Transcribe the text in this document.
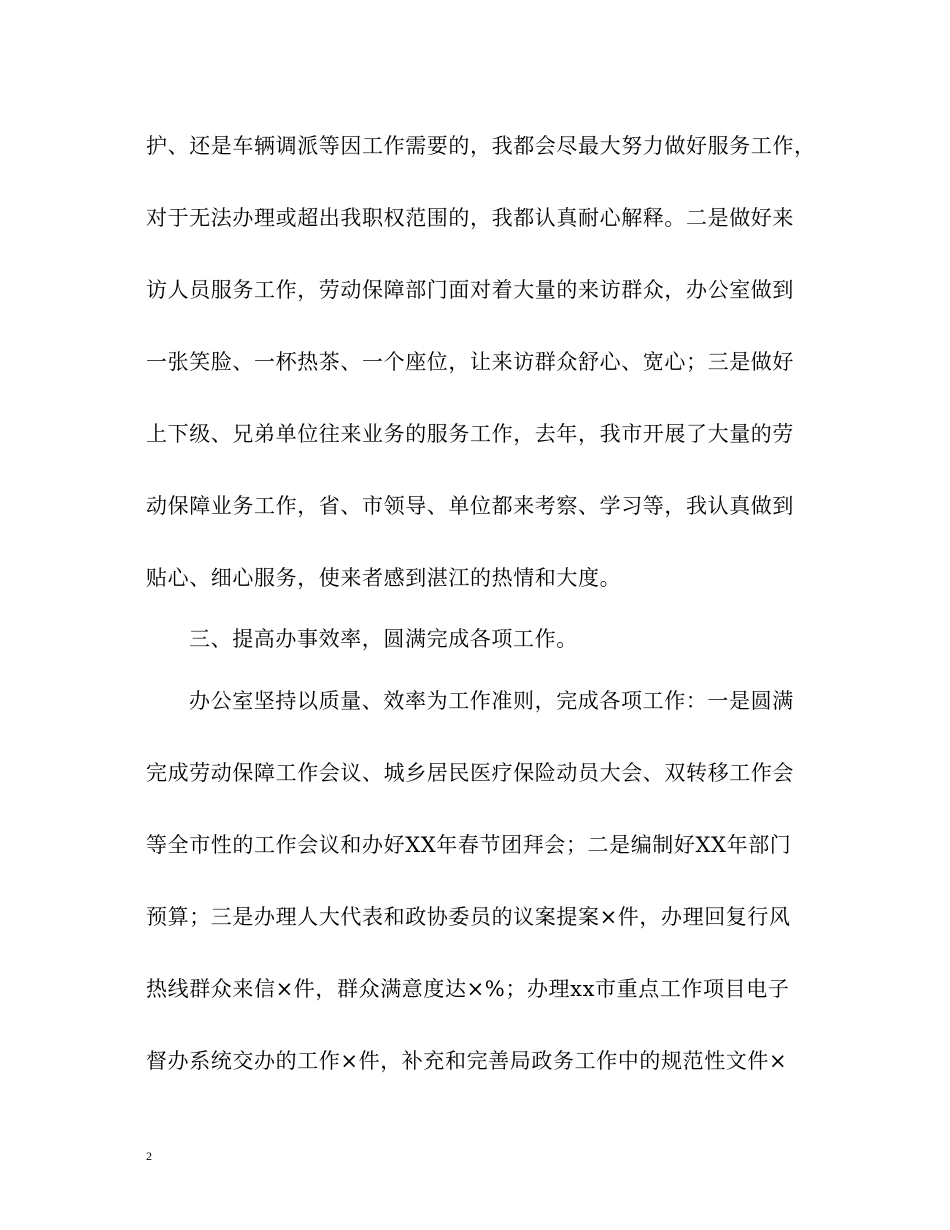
护、还是车辆调派等因工作需要的，我都会尽最大努力做好服务工作，
对于无法办理或超出我职权范围的，我都认真耐心解释。二是做好来
访人员服务工作，劳动保障部门面对着大量的来访群众，办公室做到
一张笑脸、一杯热茶、一个座位，让来访群众舒心、宽心；三是做好
上下级、兄弟单位往来业务的服务工作，去年，我市开展了大量的劳
动保障业务工作，省、市领导、单位都来考察、学习等，我认真做到
贴心、细心服务，使来者感到湛江的热情和大度。
三、提高办事效率，圆满完成各项工作。
办公室坚持以质量、效率为工作准则，完成各项工作：一是圆满
完成劳动保障工作会议、城乡居民医疗保险动员大会、双转移工作会
等全市性的工作会议和办好XX年春节团拜会；二是编制好XX年部门
预算；三是办理人大代表和政协委员的议案提案×件，办理回复行风
热线群众来信×件，群众满意度达×%；办理xx市重点工作项目电子
督办系统交办的工作×件，补充和完善局政务工作中的规范性文件×
2
